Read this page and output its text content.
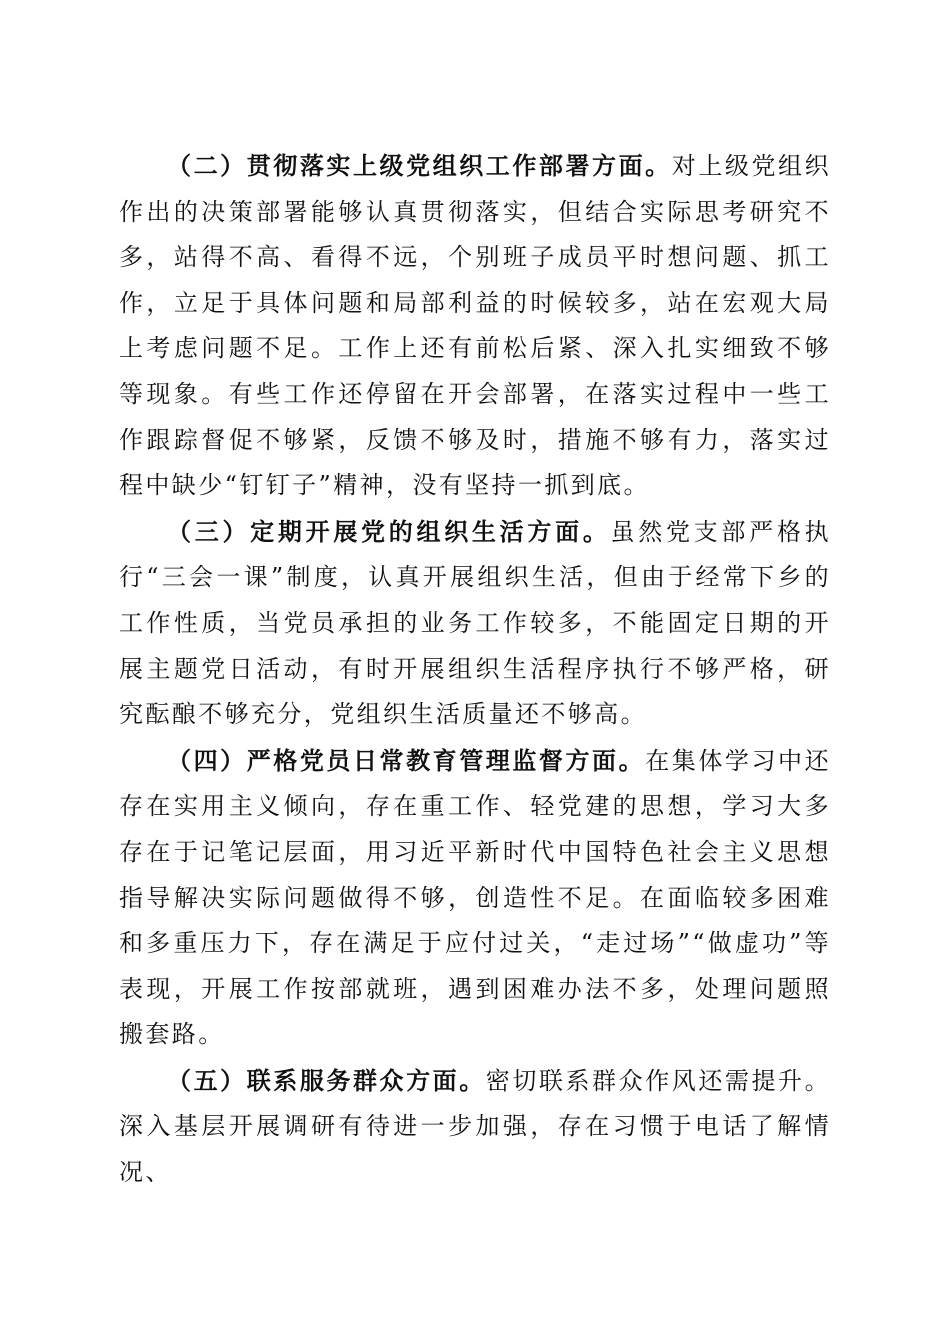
（二）贯彻落实上级党组织工作部署方面。对上级党组织作出的决策部署能够认真贯彻落实，但结合实际思考研究不多，站得不高、看得不远，个别班子成员平时想问题、抓工作，立足于具体问题和局部利益的时候较多，站在宏观大局上考虑问题不足。工作上还有前松后紧、深入扎实细致不够等现象。有些工作还停留在开会部署，在落实过程中一些工作跟踪督促不够紧，反馈不够及时，措施不够有力，落实过程中缺少“钉钉子”精神，没有坚持一抓到底。

（三）定期开展党的组织生活方面。虽然党支部严格执行“三会一课”制度，认真开展组织生活，但由于经常下乡的工作性质，当党员承担的业务工作较多，不能固定日期的开展主题党日活动，有时开展组织生活程序执行不够严格，研究酝酿不够充分，党组织生活质量还不够高。

（四）严格党员日常教育管理监督方面。在集体学习中还存在实用主义倾向，存在重工作、轻党建的思想，学习大多存在于记笔记层面，用习近平新时代中国特色社会主义思想指导解决实际问题做得不够，创造性不足。在面临较多困难和多重压力下，存在满足于应付过关，“走过场”“做虚功”等表现，开展工作按部就班，遇到困难办法不多，处理问题照搬套路。

（五）联系服务群众方面。密切联系群众作风还需提升。深入基层开展调研有待进一步加强，存在习惯于电话了解情况、
